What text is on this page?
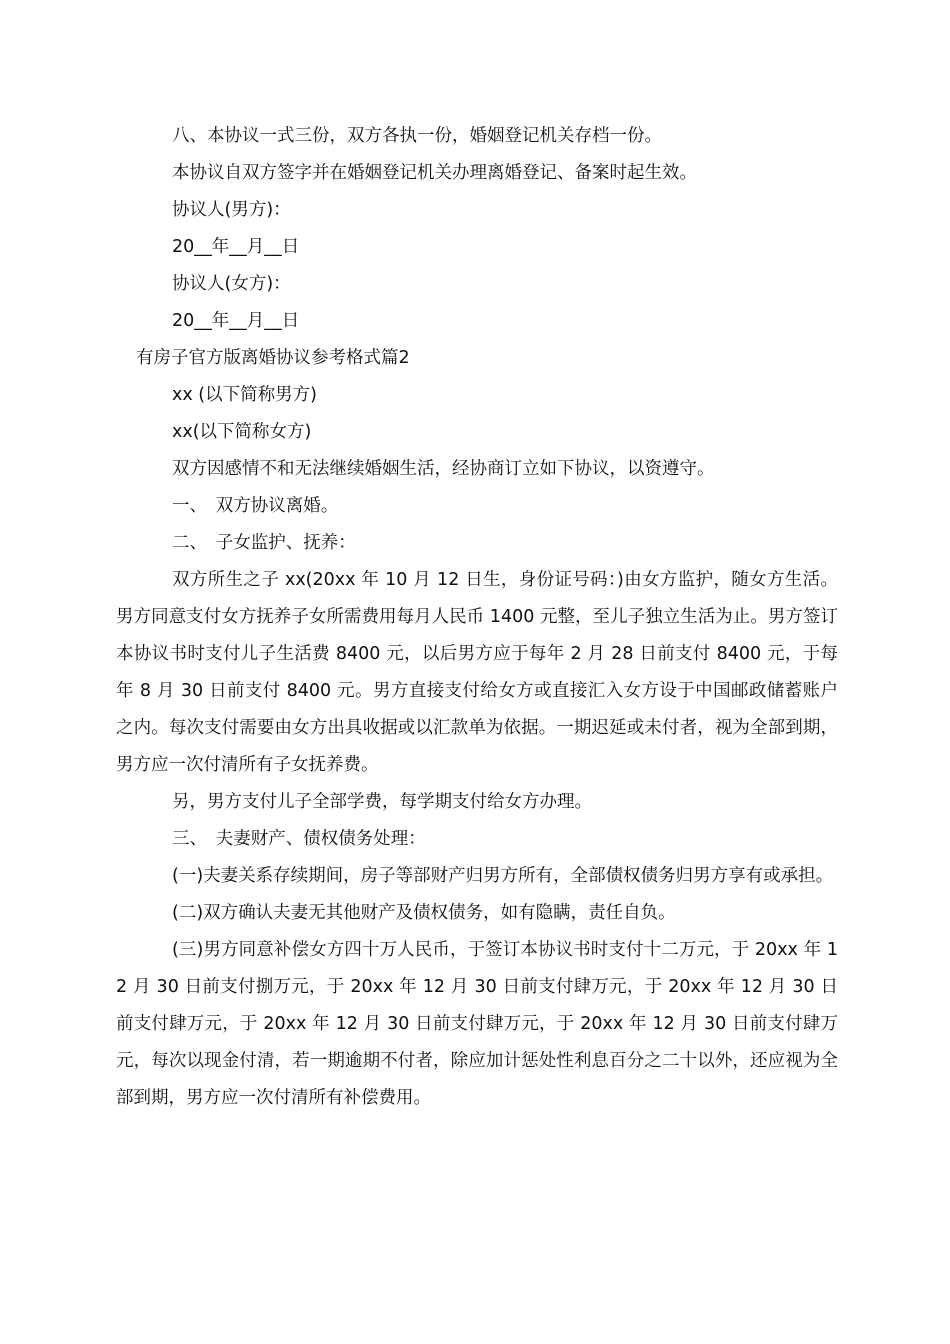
八、本协议一式三份，双方各执一份，婚姻登记机关存档一份。
本协议自双方签字并在婚姻登记机关办理离婚登记、备案时起生效。
协议人(男方)：
20__年__月__日
协议人(女方)：
20__年__月__日
有房子官方版离婚协议参考格式篇2
xx (以下简称男方)
xx(以下简称女方)
双方因感情不和无法继续婚姻生活，经协商订立如下协议，以资遵守。
一、　双方协议离婚。
二、　子女监护、抚养：

双方所生之子 xx(20xx 年 10 月 12 日生，身份证号码：)由女方监护，随女方生活。男方同意支付女方抚养子女所需费用每月人民币 1400 元整，至儿子独立生活为止。男方签订本协议书时支付儿子生活费 8400 元，以后男方应于每年 2 月 28 日前支付 8400 元，于每年 8 月 30 日前支付 8400 元。男方直接支付给女方或直接汇入女方设于中国邮政储蓄账户之内。每次支付需要由女方出具收据或以汇款单为依据。一期迟延或未付者，视为全部到期，男方应一次付清所有子女抚养费。

另，男方支付儿子全部学费，每学期支付给女方办理。
三、　夫妻财产、债权债务处理：

(一)夫妻关系存续期间，房子等部财产归男方所有，全部债权债务归男方享有或承担。

(二)双方确认夫妻无其他财产及债权债务，如有隐瞒，责任自负。

(三)男方同意补偿女方四十万人民币，于签订本协议书时支付十二万元，于 20xx 年 12 月 30 日前支付捌万元，于 20xx 年 12 月 30 日前支付肆万元，于 20xx 年 12 月 30 日前支付肆万元，于 20xx 年 12 月 30 日前支付肆万元，于 20xx 年 12 月 30 日前支付肆万元，每次以现金付清，若一期逾期不付者，除应加计惩处性利息百分之二十以外，还应视为全部到期，男方应一次付清所有补偿费用。
